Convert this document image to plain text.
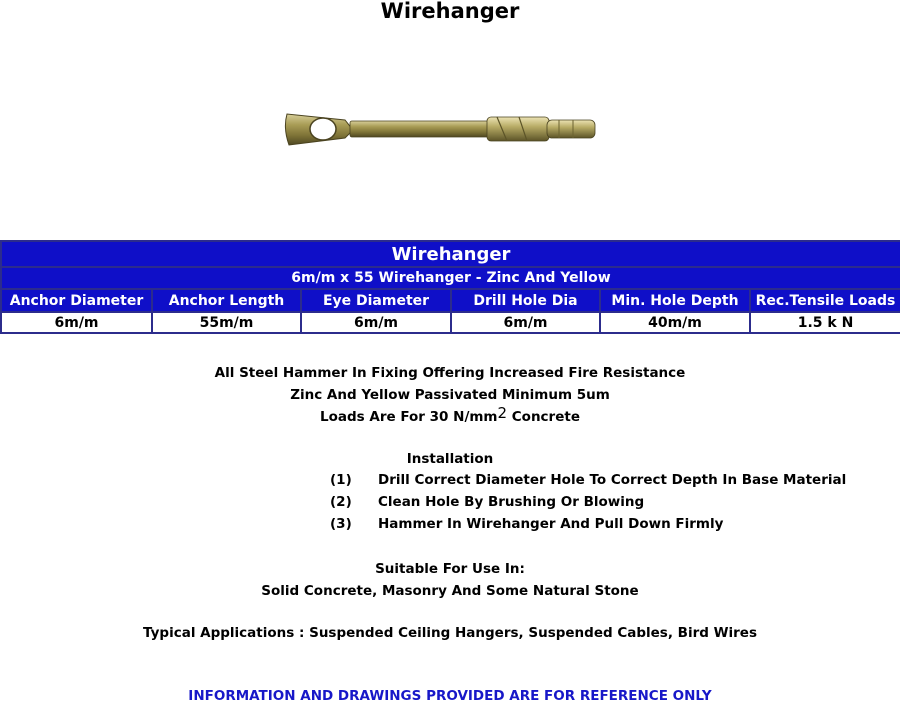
Wirehanger
Wirehanger					
6m/m x 55 Wirehanger - Zinc And Yellow					
Anchor Diameter	Anchor Length	Eye Diameter	Drill Hole Dia	Min. Hole Depth	Rec.Tensile Loads
6m/m	55m/m	6m/m	6m/m	40m/m	1.5 k N
All Steel Hammer In Fixing Offering Increased Fire Resistance
Zinc And Yellow Passivated Minimum 5um
Loads Are For 30 N/mm2 Concrete
Installation
(1) Drill Correct Diameter Hole To Correct Depth In Base Material
(2) Clean Hole By Brushing Or Blowing
(3) Hammer In Wirehanger And Pull Down Firmly
Suitable For Use In:
Solid Concrete, Masonry And Some Natural Stone
Typical Applications : Suspended Ceiling Hangers, Suspended Cables, Bird Wires
INFORMATION AND DRAWINGS PROVIDED ARE FOR REFERENCE ONLY
